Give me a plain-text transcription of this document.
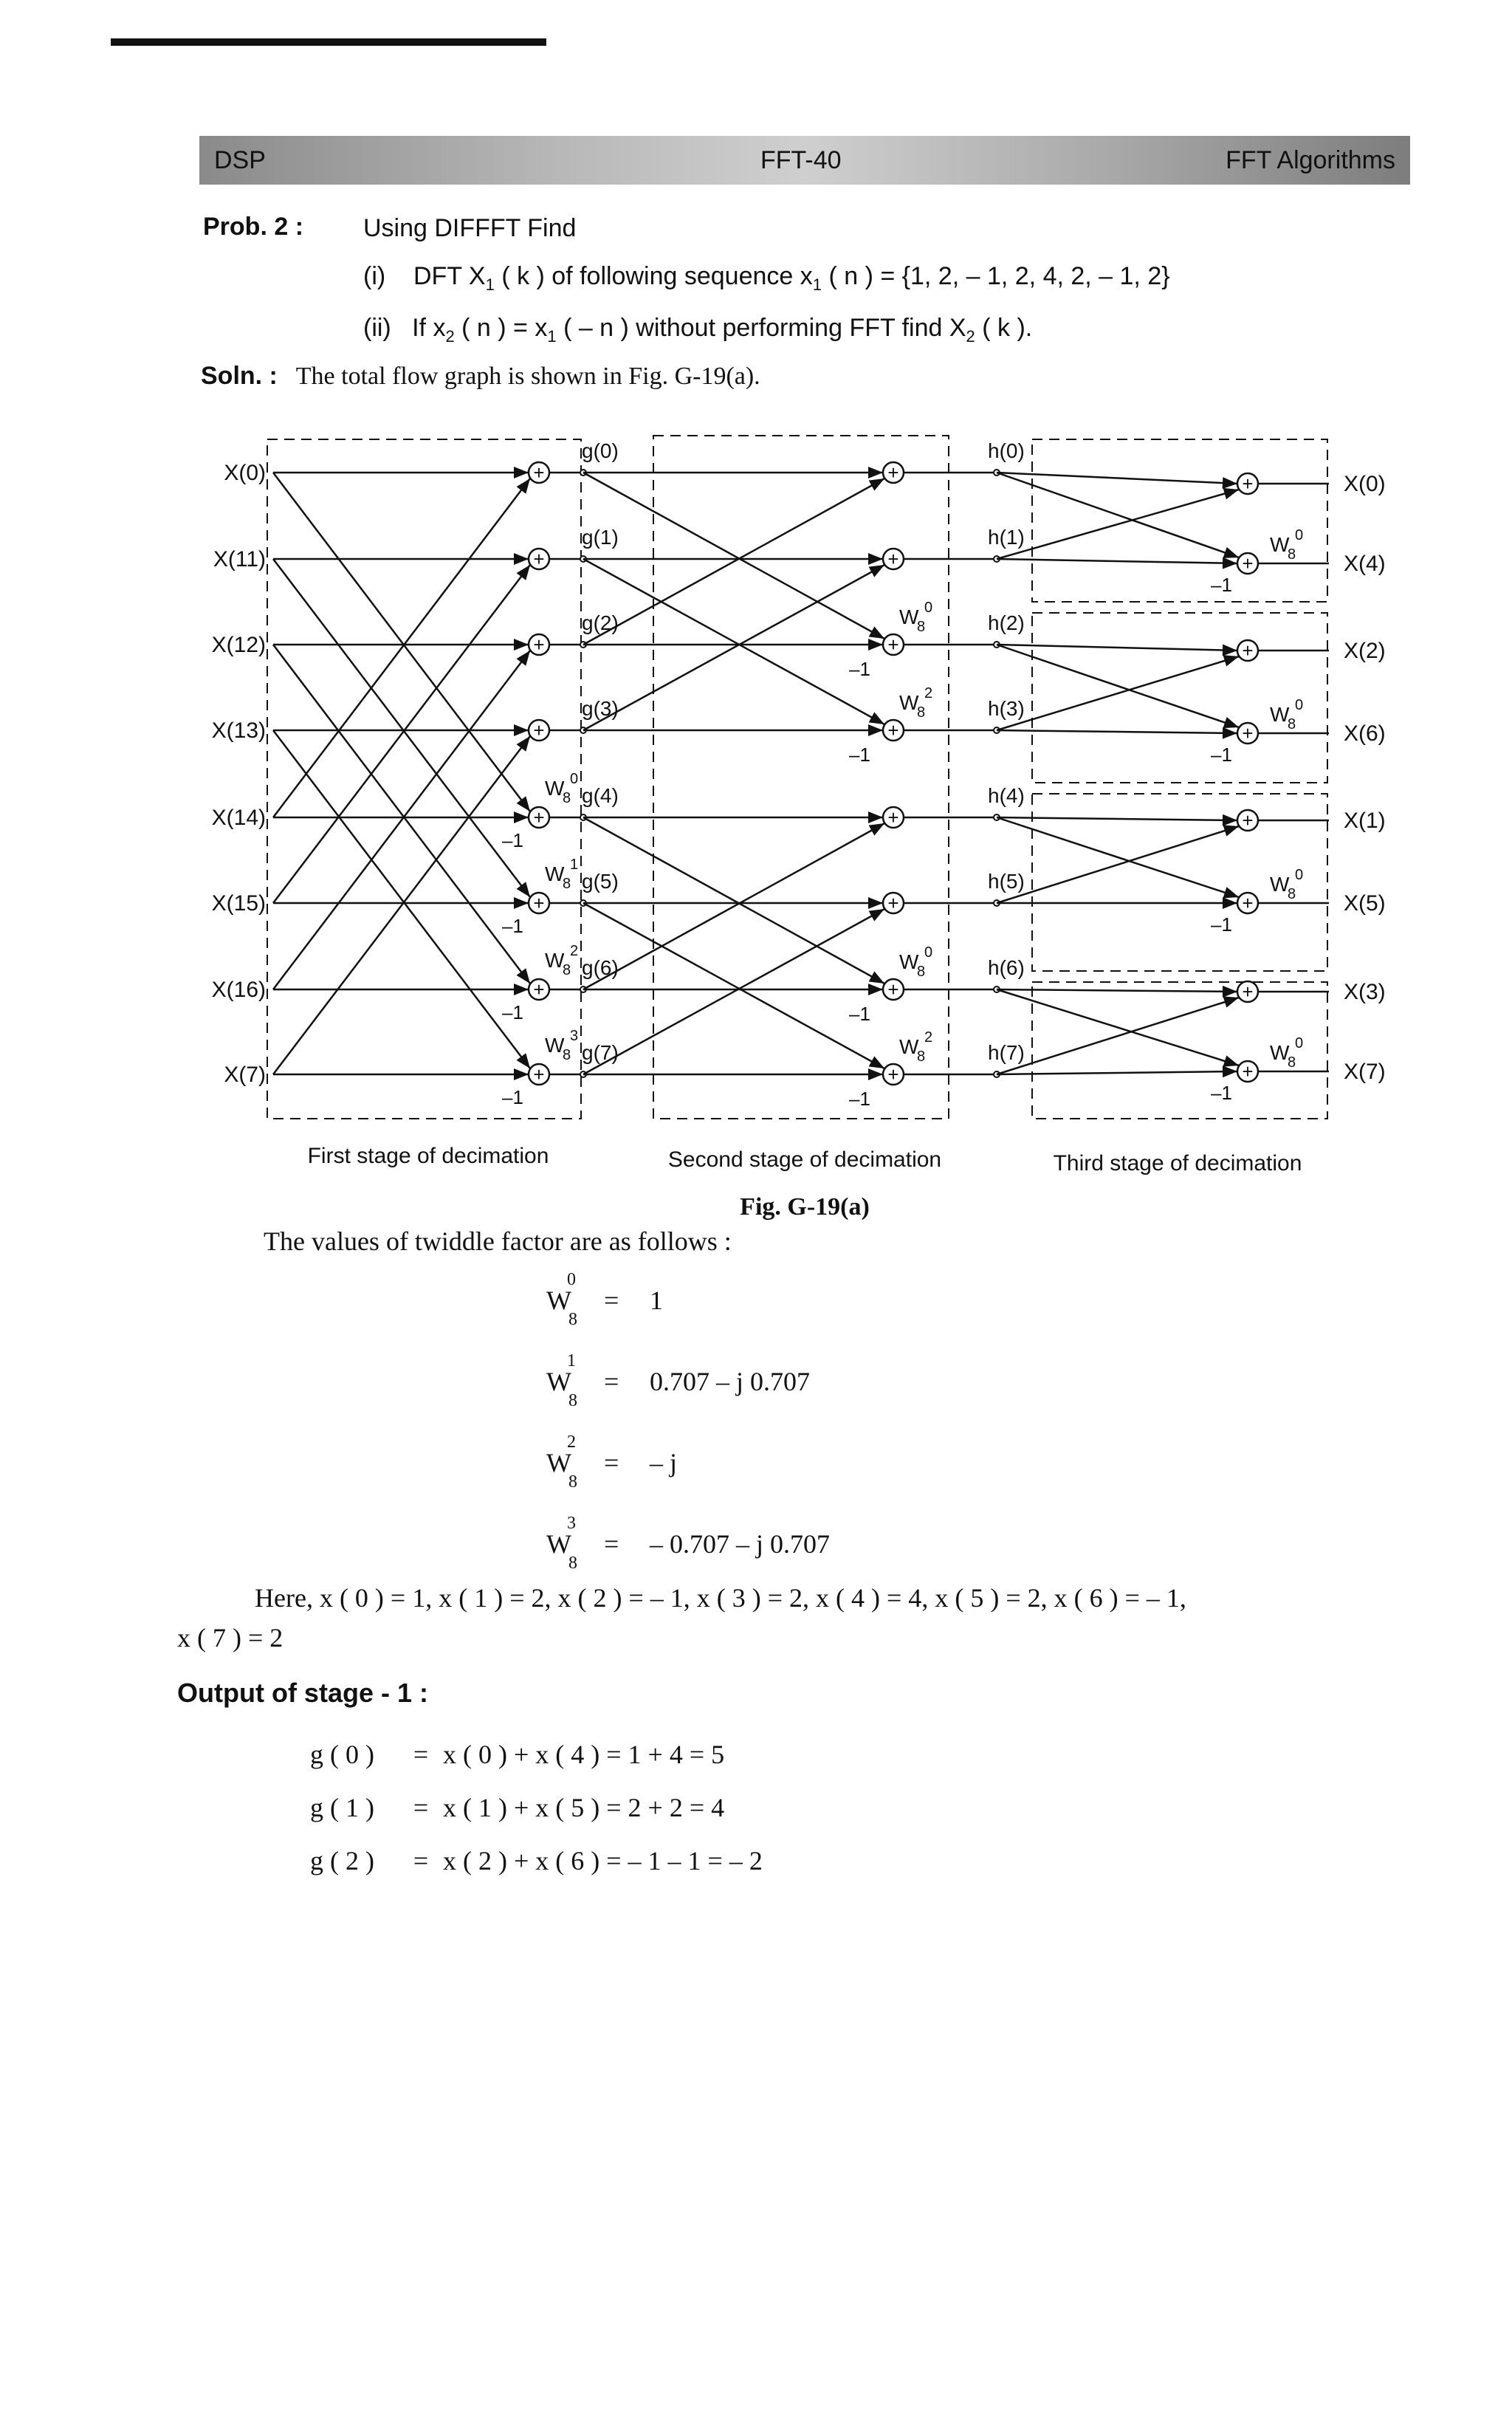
DSP	FFT-40	FFT Algorithms
Prob. 2 : Using DIFFFT Find
(i) DFT $X_1$ ( k ) of following sequence $x_1$ ( n ) = {1, 2, – 1, 2, 4, 2, – 1, 2}
(ii) If $x_2$ ( n ) = $x_1$ ( – n ) without performing FFT find $X_2$ ( k ).
Soln. : The total flow graph is shown in Fig. G-19(a).
X(0)	+
g(0)
X(11)	+
g(1)
X(12)	+
g(2)
X(13)	+
g(3)
X(14)	+
g(4)
X(15)	+
g(5)
X(16)	+
g(6)
X(7)	+
g(7)
W
8
0
–1
W
8
1
–1
W
8
2
–1
W
8
3
–1
First stage of decimation
+
h(0)
+
h(1)
+
h(2)
+
h(3)
+
h(4)
+
h(5)
+
h(6)
+
h(7)
W
8
0
–1
W
8
2
–1
W
8
0
–1
W
8
2
–1
Second stage of decimation
+	X(0)
+	X(4)
+	X(2)
+	X(6)
+	X(1)
+	X(5)
+	X(3)
+	X(7)
W
8
0
–1
W
8
0
–1
W
8
0
–1
W
8
0
–1
Third stage of decimation
Fig. G-19(a)
The values of twiddle factor are as follows :
W
0
8
= 1
W
1
8
= 0.707 – j 0.707
W
2
8
= – j
W
3
8
= – 0.707 – j 0.707
Here, x ( 0 ) = 1, x ( 1 ) = 2, x ( 2 ) = – 1, x ( 3 ) = 2, x ( 4 ) = 4, x ( 5 ) = 2, x ( 6 ) = – 1,
x ( 7 ) = 2
Output of stage - 1 :
g ( 0 ) = x ( 0 ) + x ( 4 ) = 1 + 4 = 5
g ( 1 ) = x ( 1 ) + x ( 5 ) = 2 + 2 = 4
g ( 2 ) = x ( 2 ) + x ( 6 ) = – 1 – 1 = – 2
